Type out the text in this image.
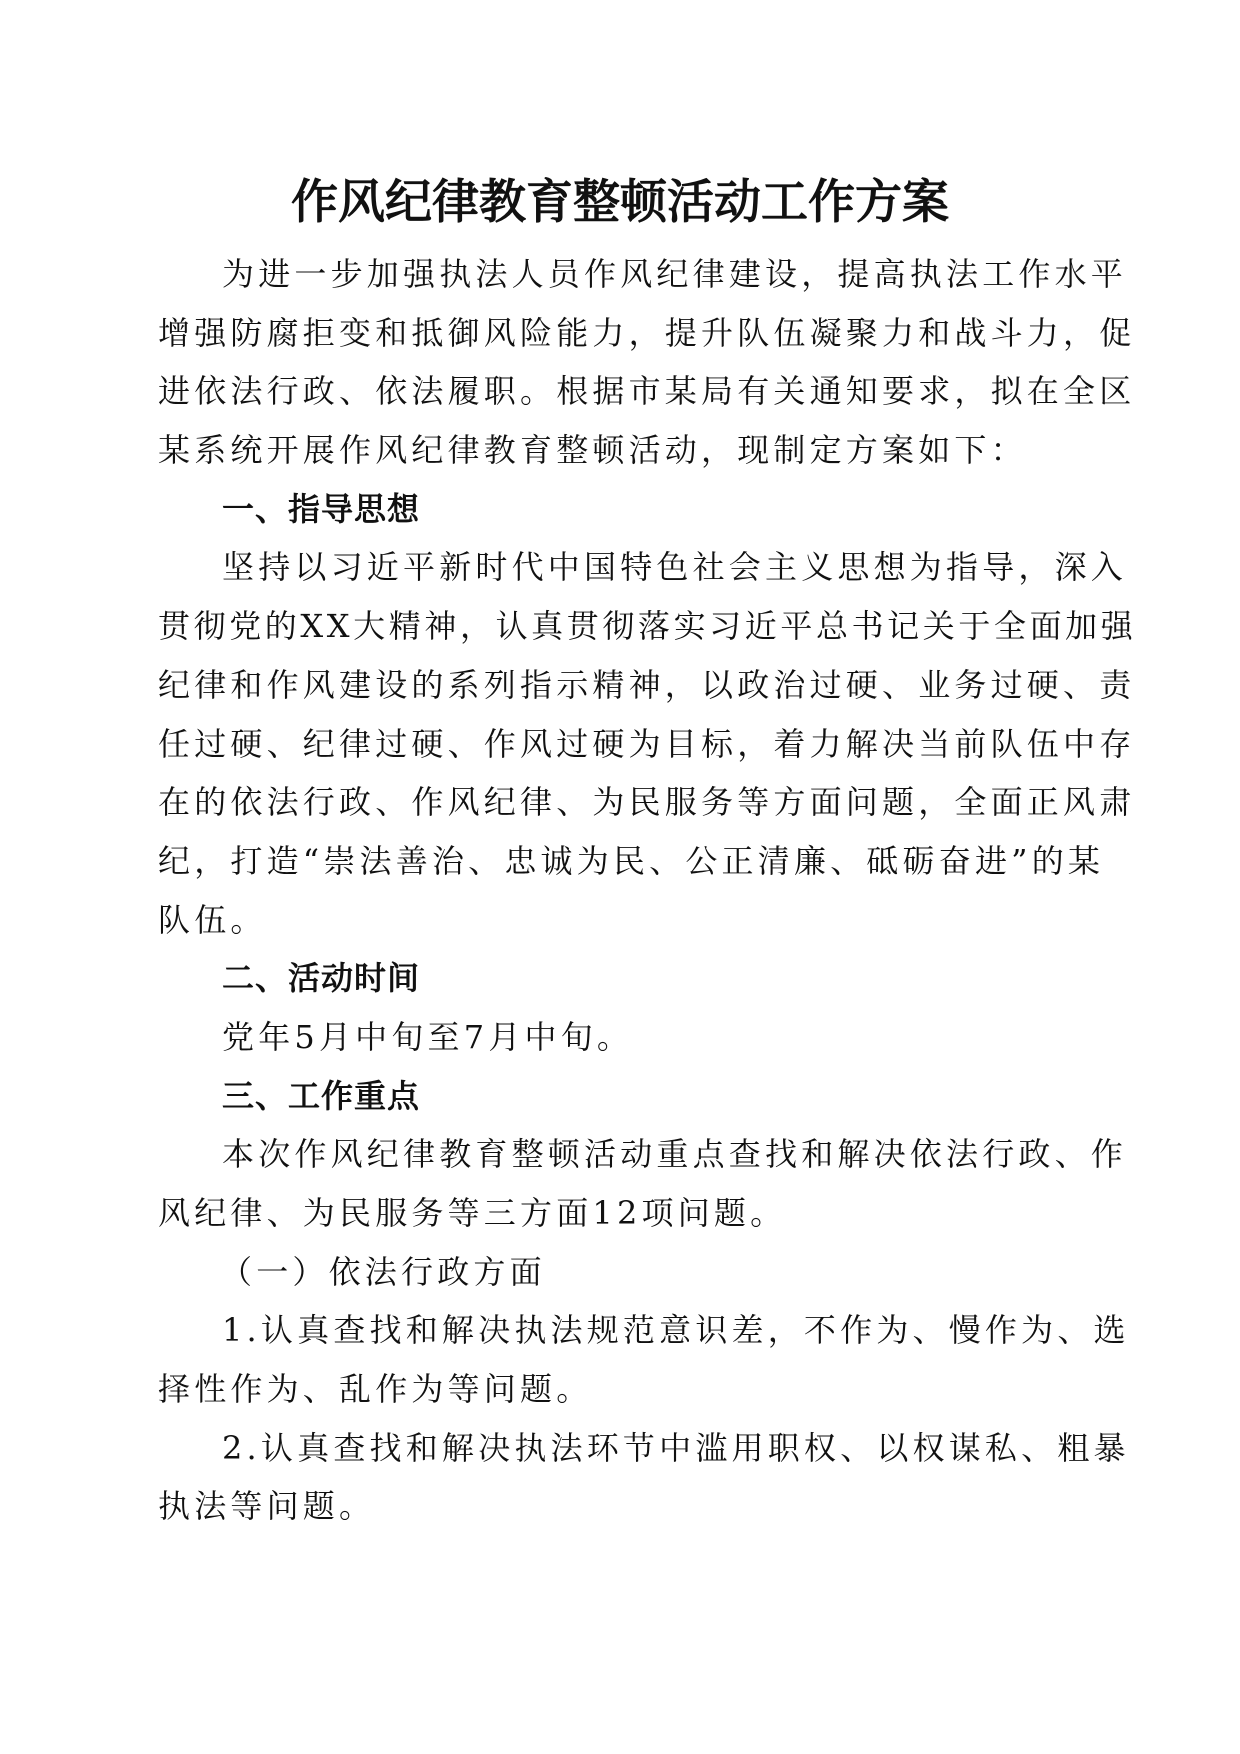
作风纪律教育整顿活动工作方案
为进一步加强执法人员作风纪律建设，提高执法工作水平
增强防腐拒变和抵御风险能力，提升队伍凝聚力和战斗力，促
进依法行政、依法履职。根据市某局有关通知要求，拟在全区
某系统开展作风纪律教育整顿活动，现制定方案如下：
一、指导思想
坚持以习近平新时代中国特色社会主义思想为指导，深入
贯彻党的XX大精神，认真贯彻落实习近平总书记关于全面加强
纪律和作风建设的系列指示精神，以政治过硬、业务过硬、责
任过硬、纪律过硬、作风过硬为目标，着力解决当前队伍中存
在的依法行政、作风纪律、为民服务等方面问题，全面正风肃
纪，打造“崇法善治、忠诚为民、公正清廉、砥砺奋进”的某
队伍。
二、活动时间
党年5月中旬至7月中旬。
三、工作重点
本次作风纪律教育整顿活动重点查找和解决依法行政、作
风纪律、为民服务等三方面12项问题。
（一）依法行政方面
1.认真查找和解决执法规范意识差，不作为、慢作为、选
择性作为、乱作为等问题。
2.认真查找和解决执法环节中滥用职权、以权谋私、粗暴
执法等问题。
